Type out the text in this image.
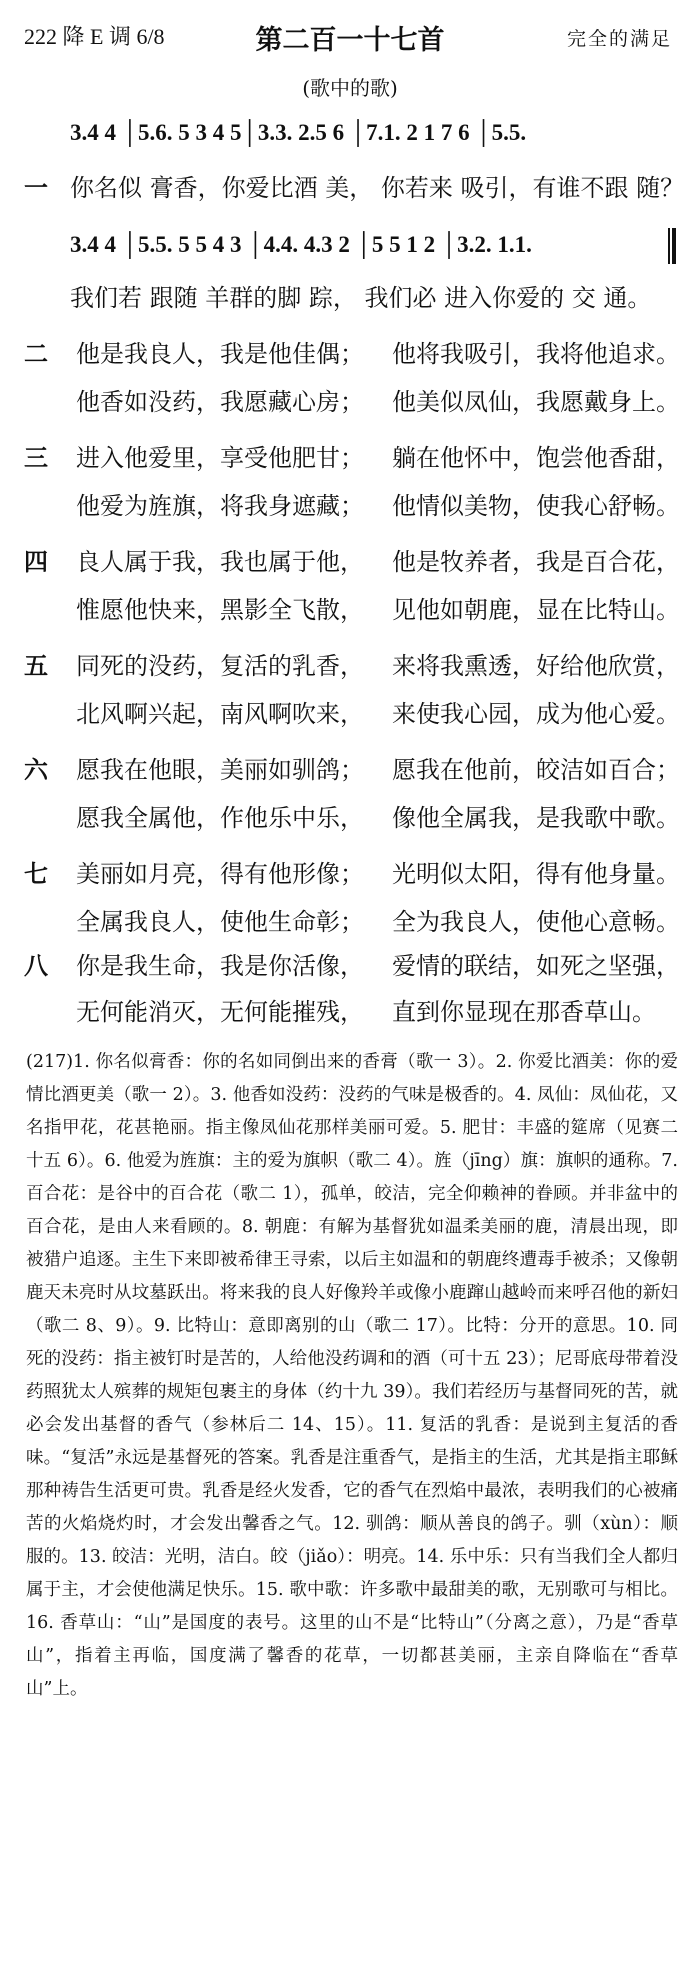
222 降 E 调 6/8	第二百一十七首	完全的满足
(歌中的歌)
3.4 4 │5.6. 5 3 4 5│3.3. 2.5 6 │7.1. 2 1 7 6 │5.5.
一 你名似 膏香，你爱比酒 美， 你若来 吸引，有谁不跟 随？
3.4 4 │5.5. 5 5 4 3 │4.4. 4.3 2 │5 5 1 2 │3.2. 1.1.
我们若 跟随 羊群的脚 踪， 我们必 进入你爱的 交 通。
二 他是我良人，我是他佳偶； 他将我吸引，我将他追求。
他香如没药，我愿藏心房； 他美似凤仙，我愿戴身上。
三 进入他爱里，享受他肥甘； 躺在他怀中，饱尝他香甜，
他爱为旌旗，将我身遮藏； 他情似美物，使我心舒畅。
四 良人属于我，我也属于他， 他是牧养者，我是百合花，
惟愿他快来，黑影全飞散， 见他如朝鹿，显在比特山。
五 同死的没药，复活的乳香， 来将我熏透，好给他欣赏，
北风啊兴起，南风啊吹来， 来使我心园，成为他心爱。
六 愿我在他眼，美丽如驯鸽； 愿我在他前，皎洁如百合；
愿我全属他，作他乐中乐， 像他全属我，是我歌中歌。
七 美丽如月亮，得有他形像； 光明似太阳，得有他身量。
全属我良人，使他生命彰； 全为我良人，使他心意畅。
八 你是我生命，我是你活像， 爱情的联结，如死之坚强，
无何能消灭，无何能摧残， 直到你显现在那香草山。
(217)1. 你名似膏香：你的名如同倒出来的香膏（歌一 3）。2. 你爱比酒美：你的爱情比酒更美（歌一 2）。3. 他香如没药：没药的气味是极香的。4. 凤仙：凤仙花，又名指甲花，花甚艳丽。指主像凤仙花那样美丽可爱。5. 肥甘：丰盛的筵席（见赛二十五 6）。6. 他爱为旌旗：主的爱为旗帜（歌二 4）。旌（jīng）旗：旗帜的通称。7. 百合花：是谷中的百合花（歌二 1），孤单，皎洁，完全仰赖神的眷顾。并非盆中的百合花，是由人来看顾的。8. 朝鹿：有解为基督犹如温柔美丽的鹿，清晨出现，即被猎户追逐。主生下来即被希律王寻索，以后主如温和的朝鹿终遭毒手被杀；又像朝鹿天未亮时从坟墓跃出。将来我的良人好像羚羊或像小鹿蹿山越岭而来呼召他的新妇（歌二 8、9）。9. 比特山：意即离别的山（歌二 17）。比特：分开的意思。10. 同死的没药：指主被钉时是苦的，人给他没药调和的酒（可十五 23）；尼哥底母带着没药照犹太人殡葬的规矩包裹主的身体（约十九 39）。我们若经历与基督同死的苦，就必会发出基督的香气（参林后二 14、15）。11. 复活的乳香：是说到主复活的香味。“复活”永远是基督死的答案。乳香是注重香气，是指主的生活，尤其是指主耶稣那种祷告生活更可贵。乳香是经火发香，它的香气在烈焰中最浓，表明我们的心被痛苦的火焰烧灼时，才会发出馨香之气。12. 驯鸽：顺从善良的鸽子。驯（xùn）：顺服的。13. 皎洁：光明，洁白。皎（jiǎo）：明亮。14. 乐中乐：只有当我们全人都归属于主，才会使他满足快乐。15. 歌中歌：许多歌中最甜美的歌，无别歌可与相比。16. 香草山：“山”是国度的表号。这里的山不是“比特山”（分离之意），乃是“香草山”，指着主再临，国度满了馨香的花草，一切都甚美丽，主亲自降临在“香草山”上。
